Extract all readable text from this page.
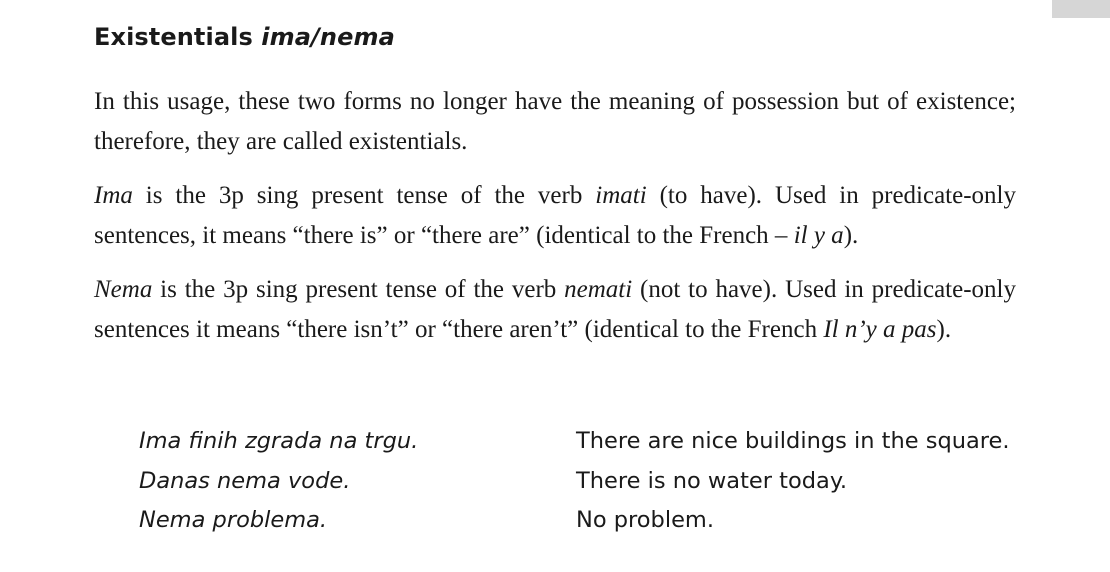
Existentials ima/nema

In this usage, these two forms no longer have the meaning of possession but of existence; therefore, they are called existentials.

Ima is the 3p sing present tense of the verb imati (to have). Used in predicate-only sentences, it means “there is” or “there are” (identical to the French – il y a).

Nema is the 3p sing present tense of the verb nemati (not to have). Used in predicate-only sentences it means “there isn’t” or “there aren’t” (identical to the French Il n’y a pas).

Ima finih zgrada na trgu.	There are nice buildings in the square.
Danas nema vode.	There is no water today.
Nema problema.	No problem.
